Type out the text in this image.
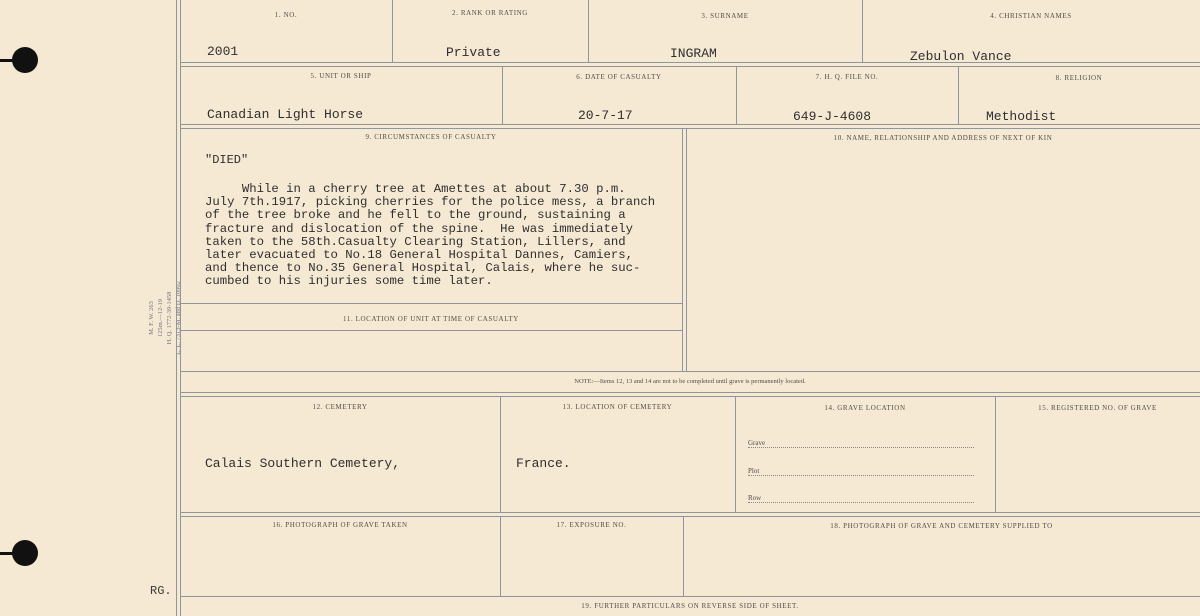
M. F. W. 263 125m.—12-19 H. Q. 1772-39-1458 L. L. 7313-M. and D. 10902
RG.
1. NO.	2. RANK OR RATING	3. SURNAME	4. CHRISTIAN NAMES
2001	Private	INGRAM	Zebulon Vance
5. UNIT OR SHIP	6. DATE OF CASUALTY	7. H. Q. FILE NO.	8. RELIGION
Canadian Light Horse	20-7-17	649-J-4608	Methodist
9. CIRCUMSTANCES OF CASUALTY
"DIED"
While in a cherry tree at Amettes at about 7.30 p.m.
July 7th.1917, picking cherries for the police mess, a branch
of the tree broke and he fell to the ground, sustaining a
fracture and dislocation of the spine.  He was immediately
taken to the 58th.Casualty Clearing Station, Lillers, and
later evacuated to No.18 General Hospital Dannes, Camiers,
and thence to No.35 General Hospital, Calais, where he suc-
cumbed to his injuries some time later.
10. NAME, RELATIONSHIP AND ADDRESS OF NEXT OF KIN
11. LOCATION OF UNIT AT TIME OF CASUALTY
NOTE:—Items 12, 13 and 14 are not to be completed until grave is permanently located.
12. CEMETERY	13. LOCATION OF CEMETERY	14. GRAVE LOCATION	15. REGISTERED NO. OF GRAVE
Calais Southern Cemetery,	France.
Grave
Plot
Row
16. PHOTOGRAPH OF GRAVE TAKEN	17. EXPOSURE NO.	18. PHOTOGRAPH OF GRAVE AND CEMETERY SUPPLIED TO
19. FURTHER PARTICULARS ON REVERSE SIDE OF SHEET.
